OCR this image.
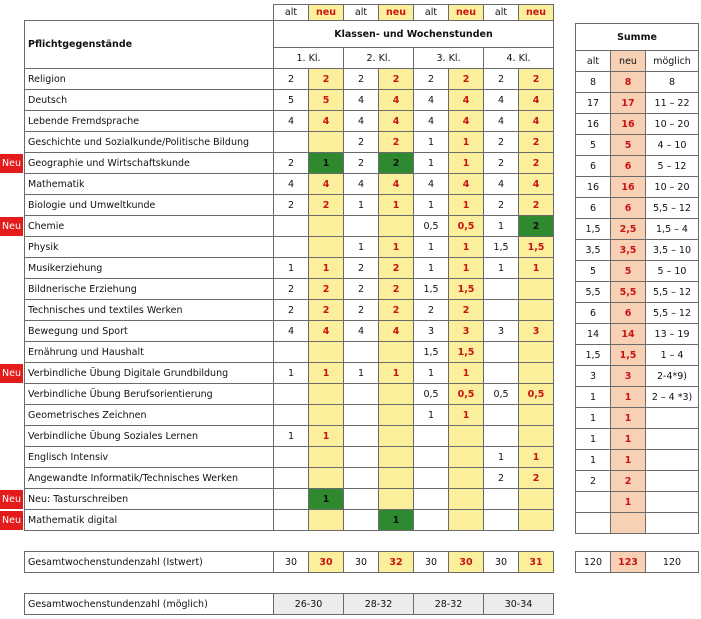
	alt	neu	alt	neu	alt	neu	alt	neu
Pflichtgegenstände	Klassen- und Wochenstunden							
	1. Kl.		2. Kl.		3. Kl.		4. Kl.	
Religion	2	2	2	2	2	2	2	2
Deutsch	5	5	4	4	4	4	4	4
Lebende Fremdsprache	4	4	4	4	4	4	4	4
Geschichte und Sozialkunde/Politische Bildung			2	2	1	1	2	2
Geographie und Wirtschaftskunde	2	1	2	2	1	1	2	2
Mathematik	4	4	4	4	4	4	4	4
Biologie und Umweltkunde	2	2	1	1	1	1	2	2
Chemie					0,5	0,5	1	2
Physik			1	1	1	1	1,5	1,5
Musikerziehung	1	1	2	2	1	1	1	1
Bildnerische Erziehung	2	2	2	2	1,5	1,5		
Technisches und textiles Werken	2	2	2	2	2	2		
Bewegung und Sport	4	4	4	4	3	3	3	3
Ernährung und Haushalt					1,5	1,5		
Verbindliche Übung Digitale Grundbildung	1	1	1	1	1	1		
Verbindliche Übung Berufsorientierung					0,5	0,5	0,5	0,5
Geometrisches Zeichnen					1	1		
Verbindliche Übung Soziales Lernen	1	1						
Englisch Intensiv							1	1
Angewandte Informatik/Technisches Werken							2	2
Neu: Tasturschreiben		1						
Mathematik digital				1				
Summe		
alt	neu	möglich
8	8	8
17	17	11 – 22
16	16	10 – 20
5	5	4 – 10
6	6	5 – 12
16	16	10 – 20
6	6	5,5 – 12
1,5	2,5	1,5 – 4
3,5	3,5	3,5 – 10
5	5	5 – 10
5,5	5,5	5,5 – 12
6	6	5,5 – 12
14	14	13 – 19
1,5	1,5	1 – 4
3	3	2-4*9)
1	1	2 – 4 *3)
1	1	
1	1	
1	1	
2	2	
	1	

Neu
Neu
Neu
Neu
Neu
Gesamtwochenstundenzahl (Istwert)	30	30	30	32	30	30	30	31	120	123	120
Gesamtwochenstundenzahl (möglich)	26-30	28-32	28-32	30-34
